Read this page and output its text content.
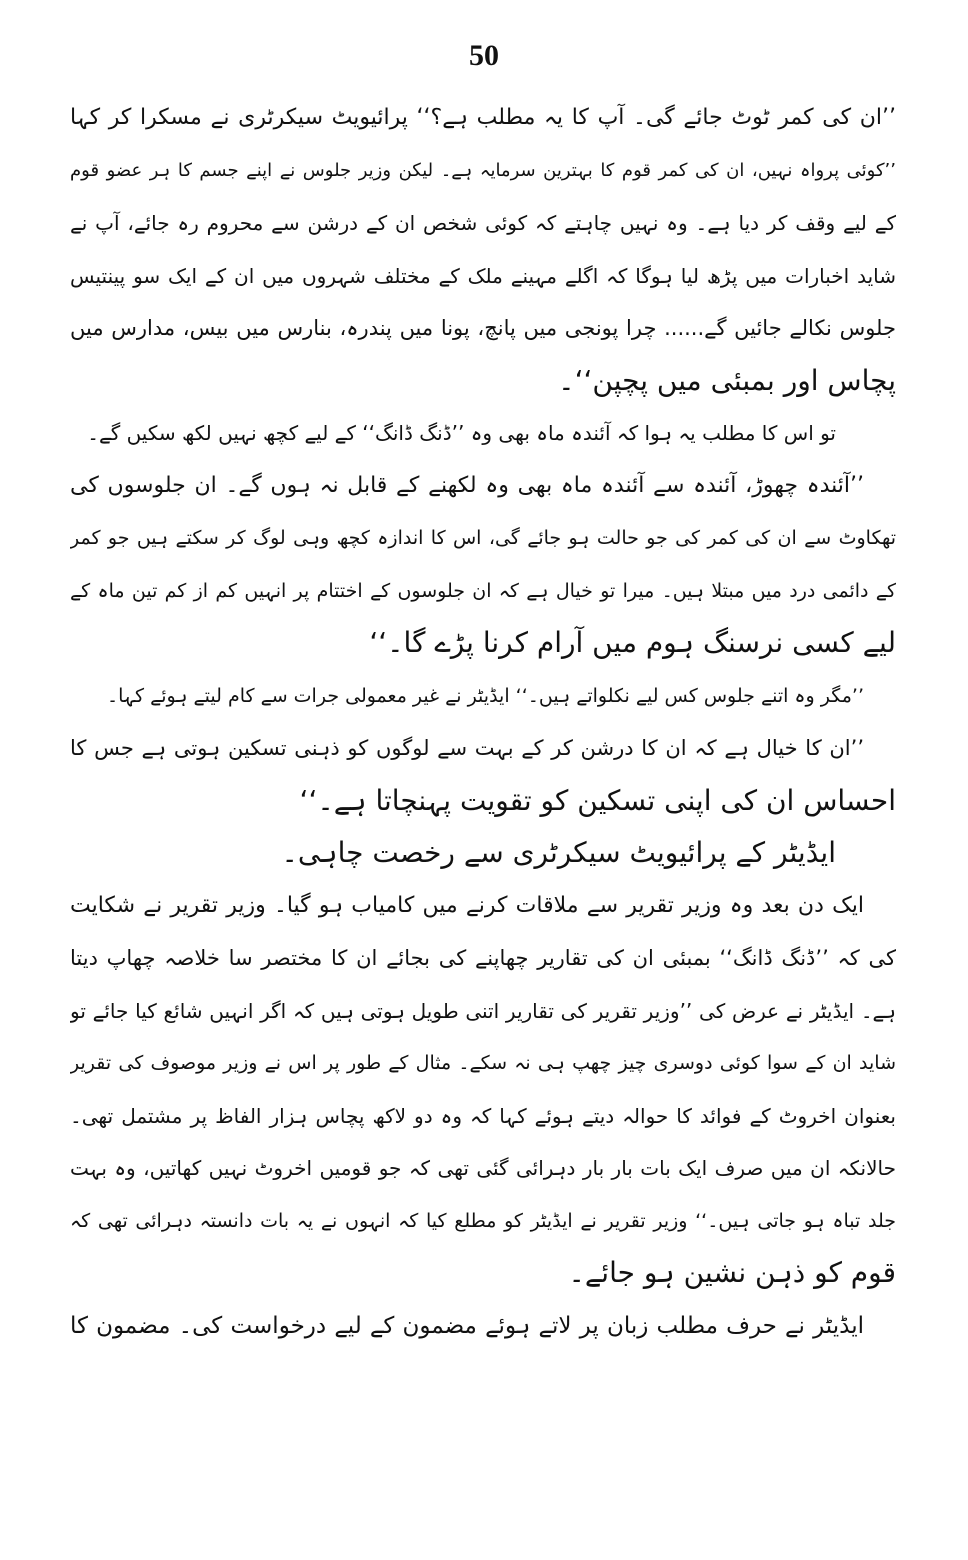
50
’’ان کی کمر ٹوٹ جائے گی۔ آپ کا یہ مطلب ہے؟‘‘ پرائیویٹ سیکرٹری نے مسکرا کر کہا
’’کوئی پرواہ نہیں، ان کی کمر قوم کا بہترین سرمایہ ہے۔ لیکن وزیر جلوس نے اپنے جسم کا ہر عضو قوم
کے لیے وقف کر دیا ہے۔ وہ نہیں چاہتے کہ کوئی شخص ان کے درشن سے محروم رہ جائے، آپ نے
شاید اخبارات میں پڑھ لیا ہوگا کہ اگلے مہینے ملک کے مختلف شہروں میں ان کے ایک سو پینتیس
جلوس نکالے جائیں گے...... چرا پونجی میں پانچ، پونا میں پندرہ، بنارس میں بیس، مدارس میں
پچاس اور بمبئی میں پچپن‘‘۔
تو اس کا مطلب یہ ہوا کہ آئندہ ماہ بھی وہ ’’ڈنگ ڈانگ‘‘ کے لیے کچھ نہیں لکھ سکیں گے۔
’’آئندہ چھوڑ، آئندہ سے آئندہ ماہ بھی وہ لکھنے کے قابل نہ ہوں گے۔ ان جلوسوں کی
تھکاوٹ سے ان کی کمر کی جو حالت ہو جائے گی، اس کا اندازہ کچھ وہی لوگ کر سکتے ہیں جو کمر
کے دائمی درد میں مبتلا ہیں۔ میرا تو خیال ہے کہ ان جلوسوں کے اختتام پر انہیں کم از کم تین ماہ کے
لیے کسی نرسنگ ہوم میں آرام کرنا پڑے گا۔‘‘
’’مگر وہ اتنے جلوس کس لیے نکلواتے ہیں۔‘‘ ایڈیٹر نے غیر معمولی جرات سے کام لیتے ہوئے کہا۔
’’ان کا خیال ہے کہ ان کا درشن کر کے بہت سے لوگوں کو ذہنی تسکین ہوتی ہے جس کا
احساس ان کی اپنی تسکین کو تقویت پہنچاتا ہے۔‘‘
ایڈیٹر کے پرائیویٹ سیکرٹری سے رخصت چاہی۔
ایک دن بعد وہ وزیر تقریر سے ملاقات کرنے میں کامیاب ہو گیا۔ وزیر تقریر نے شکایت
کی کہ ’’ڈنگ ڈانگ‘‘ بمبئی ان کی تقاریر چھاپنے کی بجائے ان کا مختصر سا خلاصہ چھاپ دیتا
ہے۔ ایڈیٹر نے عرض کی ’’وزیر تقریر کی تقاریر اتنی طویل ہوتی ہیں کہ اگر انہیں شائع کیا جائے تو
شاید ان کے سوا کوئی دوسری چیز چھپ ہی نہ سکے۔ مثال کے طور پر اس نے وزیر موصوف کی تقریر
بعنوان اخروٹ کے فوائد کا حوالہ دیتے ہوئے کہا کہ وہ دو لاکھ پچاس ہزار الفاظ پر مشتمل تھی۔
حالانکہ ان میں صرف ایک بات بار بار دہرائی گئی تھی کہ جو قومیں اخروٹ نہیں کھاتیں، وہ بہت
جلد تباہ ہو جاتی ہیں۔‘‘ وزیر تقریر نے ایڈیٹر کو مطلع کیا کہ انہوں نے یہ بات دانستہ دہرائی تھی کہ
قوم کو ذہن نشین ہو جائے۔
ایڈیٹر نے حرف مطلب زبان پر لاتے ہوئے مضمون کے لیے درخواست کی۔ مضمون کا
